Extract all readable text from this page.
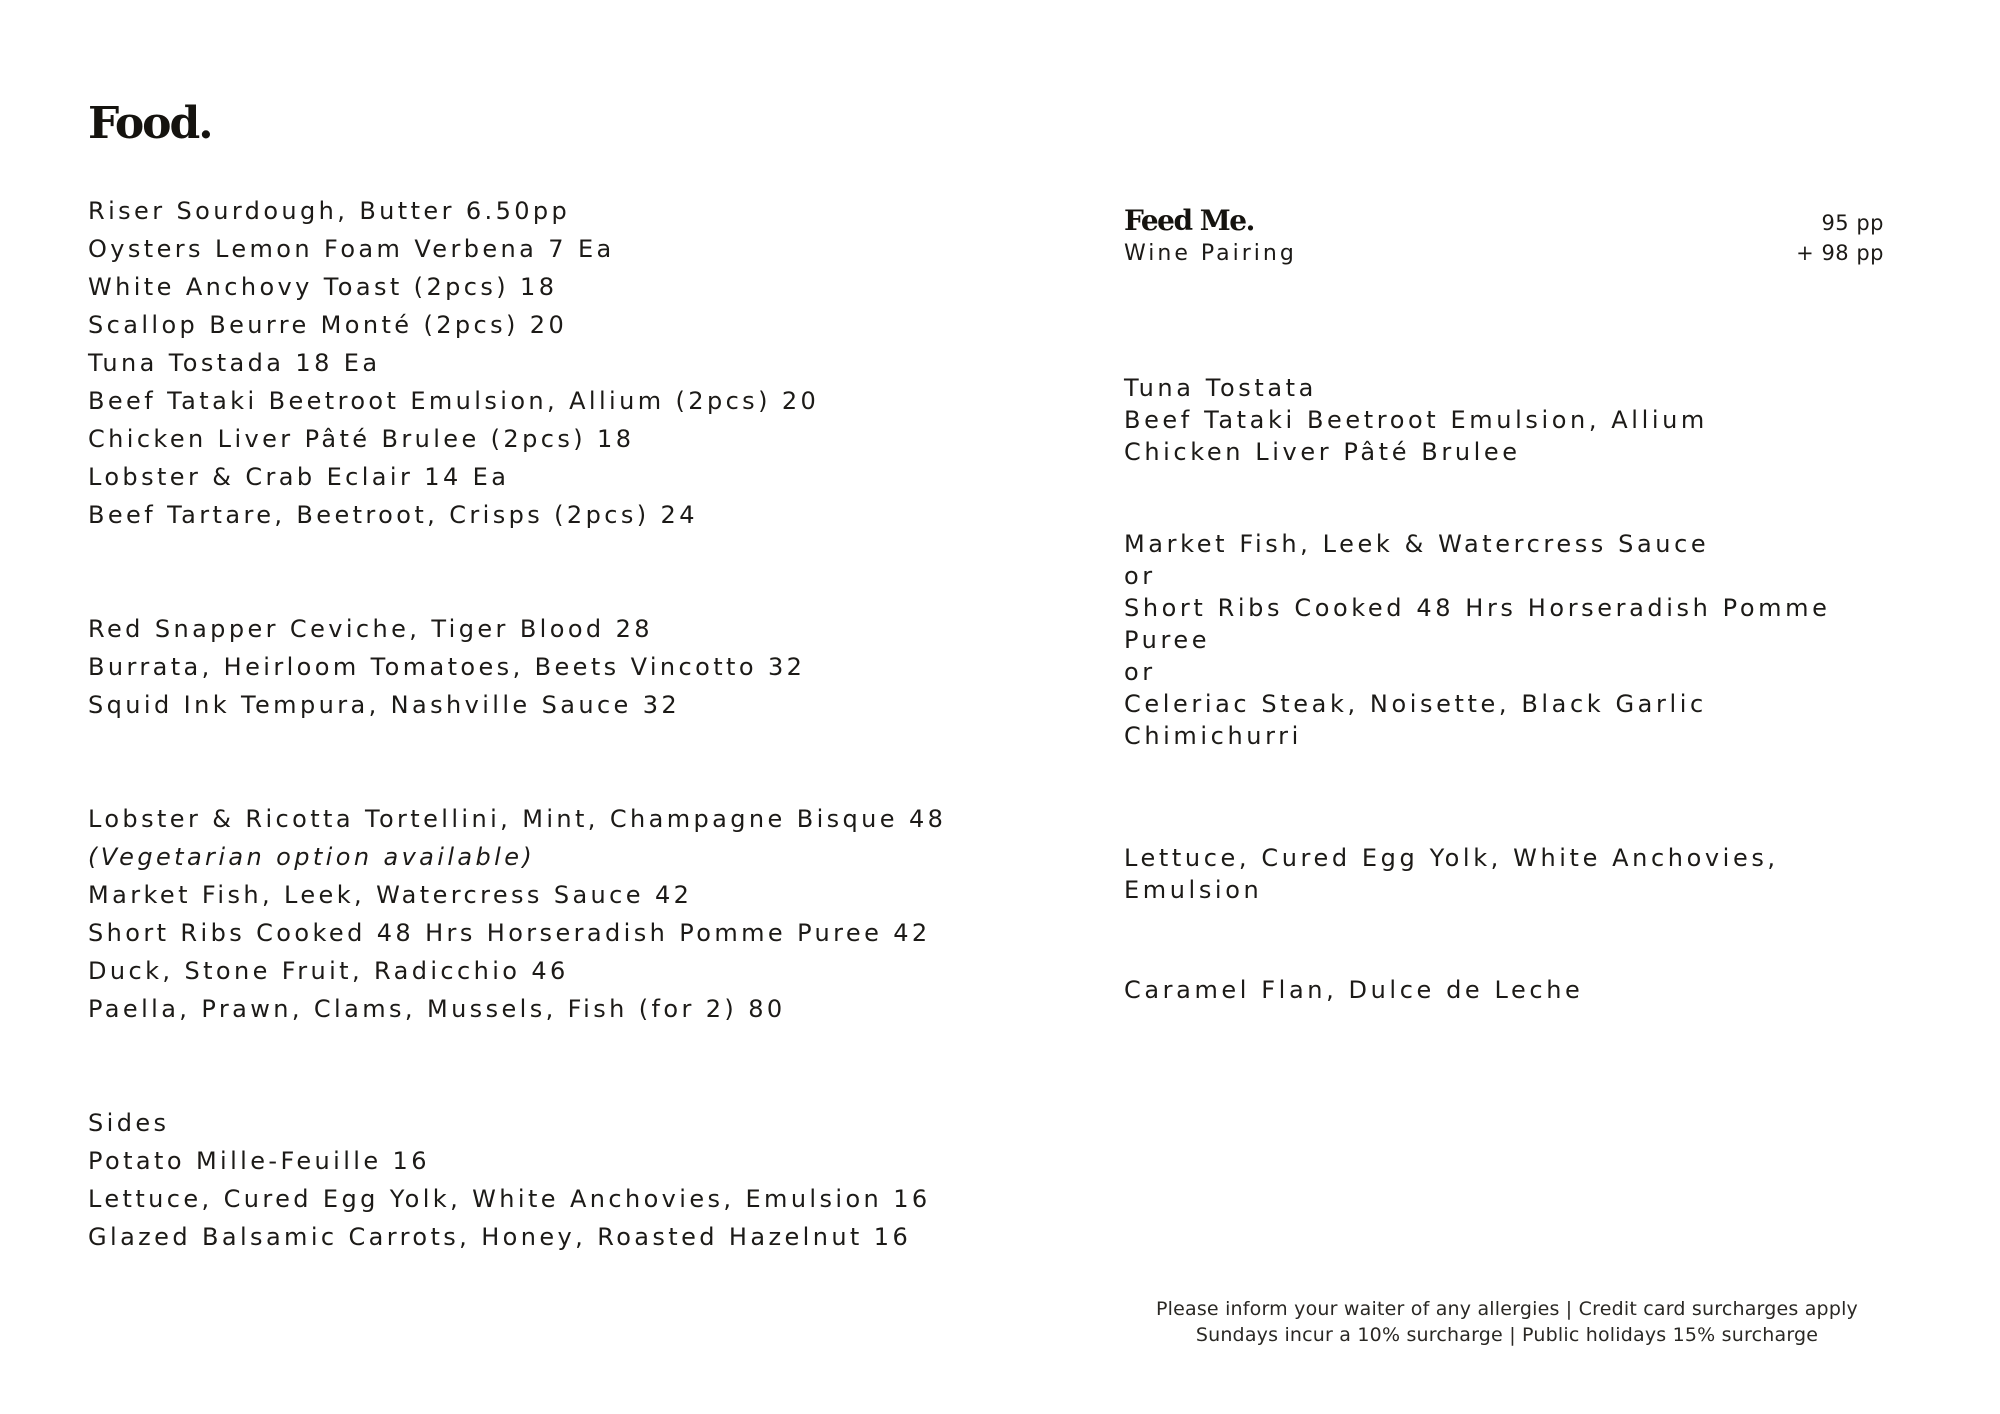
Food.
Riser Sourdough, Butter 6.50pp
Oysters Lemon Foam Verbena 7 Ea
White Anchovy Toast (2pcs) 18
Scallop Beurre Monté (2pcs) 20
Tuna Tostada 18 Ea
Beef Tataki Beetroot Emulsion, Allium (2pcs) 20
Chicken Liver Pâté Brulee (2pcs) 18
Lobster & Crab Eclair 14 Ea
Beef Tartare, Beetroot, Crisps (2pcs) 24
Red Snapper Ceviche, Tiger Blood 28
Burrata, Heirloom Tomatoes, Beets Vincotto 32
Squid Ink Tempura, Nashville Sauce 32
Lobster & Ricotta Tortellini, Mint, Champagne Bisque 48
(Vegetarian option available)
Market Fish, Leek, Watercress Sauce 42
Short Ribs Cooked 48 Hrs Horseradish Pomme Puree 42
Duck, Stone Fruit, Radicchio 46
Paella, Prawn, Clams, Mussels, Fish (for 2) 80
Sides
Potato Mille-Feuille 16
Lettuce, Cured Egg Yolk, White Anchovies, Emulsion 16
Glazed Balsamic Carrots, Honey, Roasted Hazelnut 16
Feed Me.	95 pp
Wine Pairing	+ 98 pp
Tuna Tostata
Beef Tataki Beetroot Emulsion, Allium
Chicken Liver Pâté Brulee
Market Fish, Leek & Watercress Sauce
or
Short Ribs Cooked 48 Hrs Horseradish Pomme Puree
or
Celeriac Steak, Noisette, Black Garlic Chimichurri
Lettuce, Cured Egg Yolk, White Anchovies, Emulsion
Caramel Flan, Dulce de Leche
Please inform your waiter of any allergies | Credit card surcharges apply
Sundays incur a 10% surcharge | Public holidays 15% surcharge
